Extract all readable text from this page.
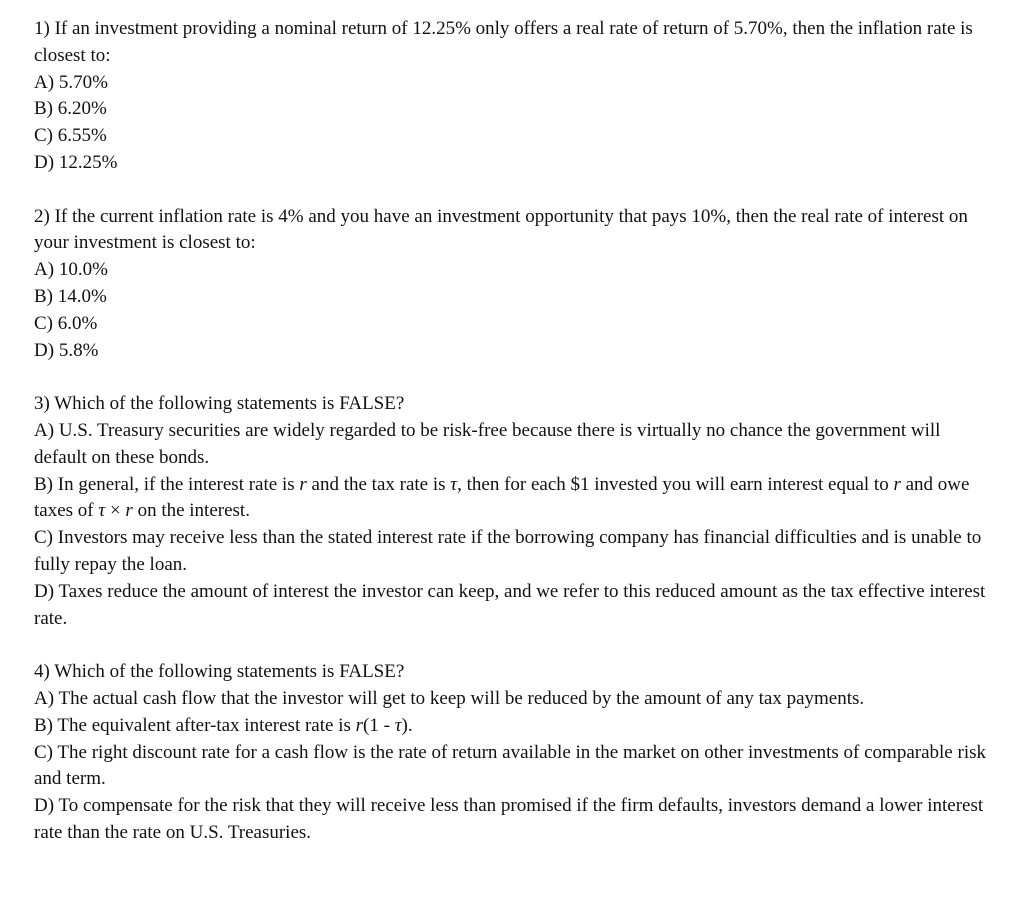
1) If an investment providing a nominal return of 12.25% only offers a real rate of return of 5.70%, then the inflation rate is closest to:

A) 5.70%

B) 6.20%

C) 6.55%

D) 12.25%

2) If the current inflation rate is 4% and you have an investment opportunity that pays 10%, then the real rate of interest on your investment is closest to:

A) 10.0%

B) 14.0%

C) 6.0%

D) 5.8%

3) Which of the following statements is FALSE?

A) U.S. Treasury securities are widely regarded to be risk-free because there is virtually no chance the government will default on these bonds.

B) In general, if the interest rate is r and the tax rate is τ, then for each $1 invested you will earn interest equal to r and owe taxes of τ × r on the interest.

C) Investors may receive less than the stated interest rate if the borrowing company has financial difficulties and is unable to fully repay the loan.

D) Taxes reduce the amount of interest the investor can keep, and we refer to this reduced amount as the tax effective interest rate.

4) Which of the following statements is FALSE?

A) The actual cash flow that the investor will get to keep will be reduced by the amount of any tax payments.

B) The equivalent after-tax interest rate is r(1 - τ).

C) The right discount rate for a cash flow is the rate of return available in the market on other investments of comparable risk and term.

D) To compensate for the risk that they will receive less than promised if the firm defaults, investors demand a lower interest rate than the rate on U.S. Treasuries.
